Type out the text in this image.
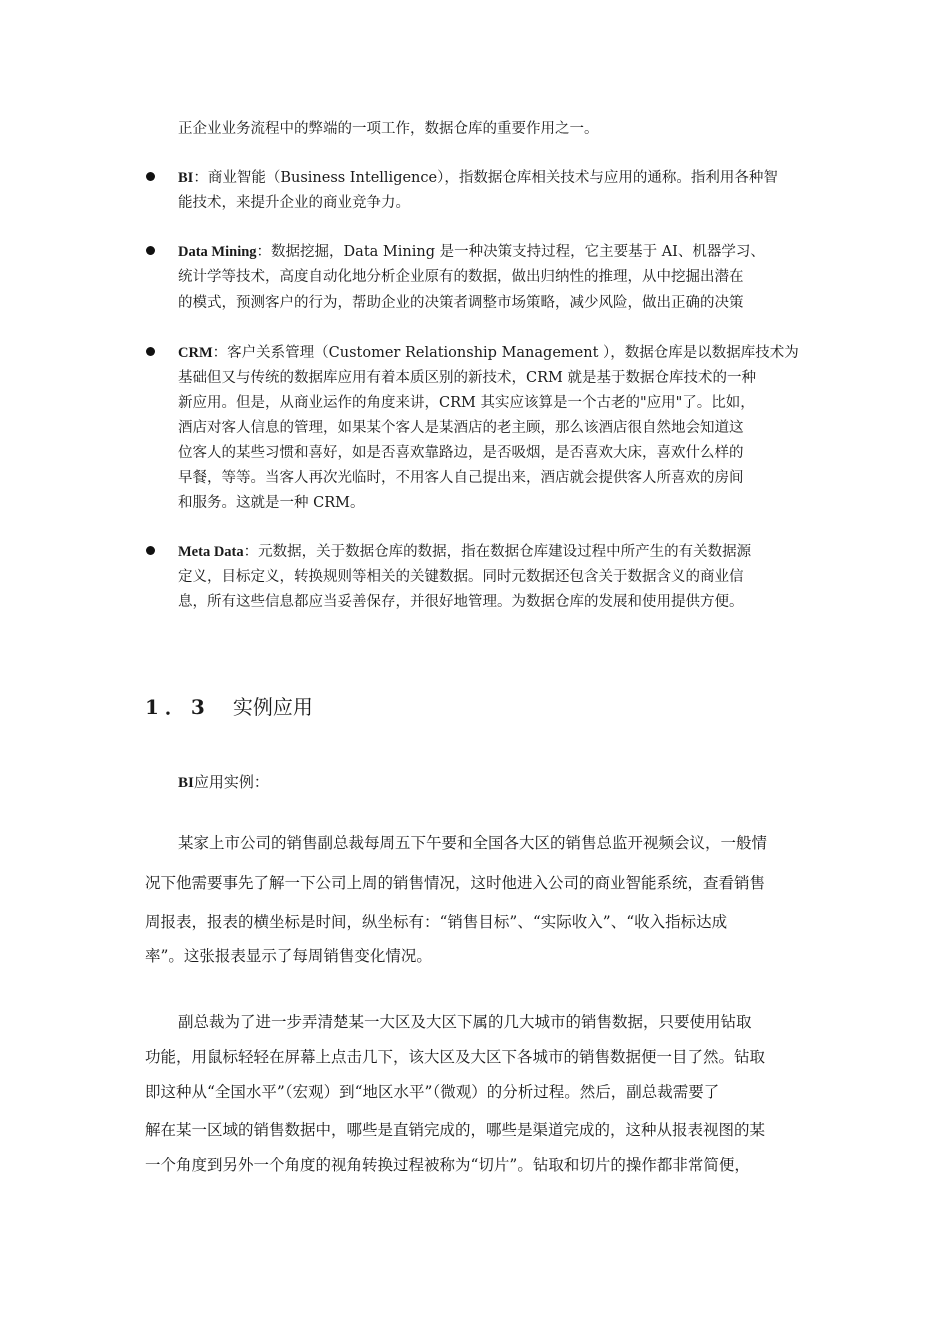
正企业业务流程中的弊端的一项工作，数据仓库的重要作用之一。
BI：商业智能（Business Intelligence），指数据仓库相关技术与应用的通称。指利用各种智
能技术，来提升企业的商业竞争力。
Data Mining：数据挖掘，Data Mining 是一种决策支持过程，它主要基于 AI、机器学习、
统计学等技术，高度自动化地分析企业原有的数据，做出归纳性的推理，从中挖掘出潜在
的模式，预测客户的行为，帮助企业的决策者调整市场策略，减少风险，做出正确的决策
CRM：客户关系管理（Customer Relationship Management ），数据仓库是以数据库技术为
基础但又与传统的数据库应用有着本质区别的新技术，CRM 就是基于数据仓库技术的一种
新应用。但是，从商业运作的角度来讲，CRM 其实应该算是一个古老的"应用"了。比如，
酒店对客人信息的管理，如果某个客人是某酒店的老主顾，那么该酒店很自然地会知道这
位客人的某些习惯和喜好，如是否喜欢靠路边，是否吸烟，是否喜欢大床，喜欢什么样的
早餐，等等。当客人再次光临时，不用客人自己提出来，酒店就会提供客人所喜欢的房间
和服务。这就是一种 CRM。
Meta Data：元数据，关于数据仓库的数据，指在数据仓库建设过程中所产生的有关数据源
定义，目标定义，转换规则等相关的关键数据。同时元数据还包含关于数据含义的商业信
息，所有这些信息都应当妥善保存，并很好地管理。为数据仓库的发展和使用提供方便。
1．3 实例应用
BI应用实例：
某家上市公司的销售副总裁每周五下午要和全国各大区的销售总监开视频会议，一般情
况下他需要事先了解一下公司上周的销售情况，这时他进入公司的商业智能系统，查看销售
周报表，报表的横坐标是时间，纵坐标有：“销售目标”、“实际收入”、“收入指标达成
率”。这张报表显示了每周销售变化情况。
副总裁为了进一步弄清楚某一大区及大区下属的几大城市的销售数据，只要使用钻取
功能，用鼠标轻轻在屏幕上点击几下，该大区及大区下各城市的销售数据便一目了然。钻取
即这种从“全国水平”（宏观）到“地区水平”（微观）的分析过程。然后，副总裁需要了
解在某一区域的销售数据中，哪些是直销完成的，哪些是渠道完成的，这种从报表视图的某
一个角度到另外一个角度的视角转换过程被称为“切片”。钻取和切片的操作都非常简便，
